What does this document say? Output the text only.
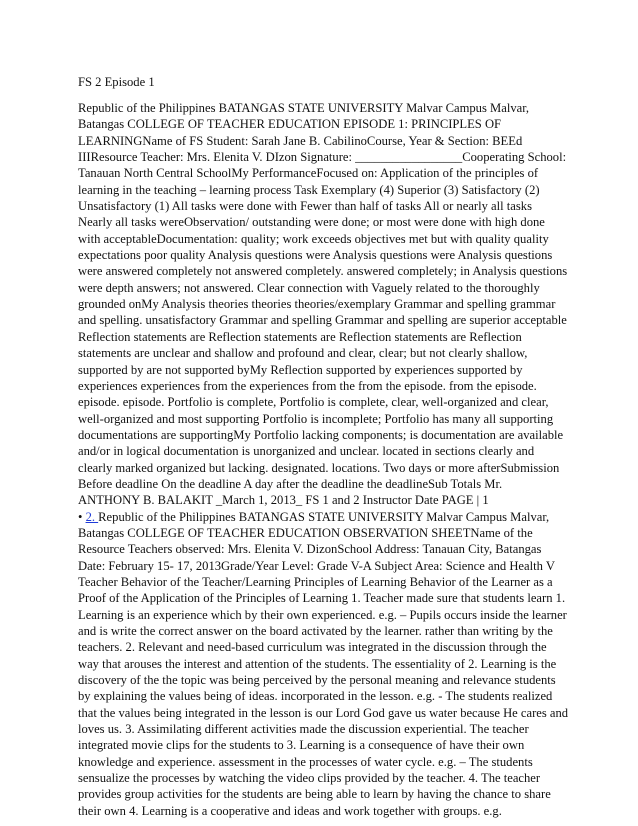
FS 2 Episode 1
Republic of the Philippines BATANGAS STATE UNIVERSITY Malvar Campus Malvar,
Batangas COLLEGE OF TEACHER EDUCATION EPISODE 1: PRINCIPLES OF
LEARNINGName of FS Student: Sarah Jane B. CabilinoCourse, Year & Section: BEEd
IIIResource Teacher: Mrs. Elenita V. DIzon Signature: _________________Cooperating School:
Tanauan North Central SchoolMy PerformanceFocused on: Application of the principles of
learning in the teaching – learning process Task Exemplary (4) Superior (3) Satisfactory (2)
Unsatisfactory (1) All tasks were done with Fewer than half of tasks All or nearly all tasks
Nearly all tasks wereObservation/ outstanding were done; or most were done with high done
with acceptableDocumentation: quality; work exceeds objectives met but with quality quality
expectations poor quality Analysis questions were Analysis questions were Analysis questions
were answered completely not answered completely. answered completely; in Analysis questions
were depth answers; not answered. Clear connection with Vaguely related to the thoroughly
grounded onMy Analysis theories theories theories/exemplary Grammar and spelling grammar
and spelling. unsatisfactory Grammar and spelling Grammar and spelling are superior acceptable
Reflection statements are Reflection statements are Reflection statements are Reflection
statements are unclear and shallow and profound and clear, clear; but not clearly shallow,
supported by are not supported byMy Reflection supported by experiences supported by
experiences experiences from the experiences from the from the episode. from the episode.
episode. episode. Portfolio is complete, Portfolio is complete, clear, well-organized and clear,
well-organized and most supporting Portfolio is incomplete; Portfolio has many all supporting
documentations are supportingMy Portfolio lacking components; is documentation are available
and/or in logical documentation is unorganized and unclear. located in sections clearly and
clearly marked organized but lacking. designated. locations. Two days or more afterSubmission
Before deadline On the deadline A day after the deadline the deadlineSub Totals Mr.
ANTHONY B. BALAKIT _March 1, 2013_ FS 1 and 2 Instructor Date PAGE | 1
• 2. Republic of the Philippines BATANGAS STATE UNIVERSITY Malvar Campus Malvar,
Batangas COLLEGE OF TEACHER EDUCATION OBSERVATION SHEETName of the
Resource Teachers observed: Mrs. Elenita V. DizonSchool Address: Tanauan City, Batangas
Date: February 15- 17, 2013Grade/Year Level: Grade V-A Subject Area: Science and Health V
Teacher Behavior of the Teacher/Learning Principles of Learning Behavior of the Learner as a
Proof of the Application of the Principles of Learning 1. Teacher made sure that students learn 1.
Learning is an experience which by their own experienced. e.g. – Pupils occurs inside the learner
and is write the correct answer on the board activated by the learner. rather than writing by the
teachers. 2. Relevant and need-based curriculum was integrated in the discussion through the
way that arouses the interest and attention of the students. The essentiality of 2. Learning is the
discovery of the the topic was being perceived by the personal meaning and relevance students
by explaining the values being of ideas. incorporated in the lesson. e.g. - The students realized
that the values being integrated in the lesson is our Lord God gave us water because He cares and
loves us. 3. Assimilating different activities made the discussion experiential. The teacher
integrated movie clips for the students to 3. Learning is a consequence of have their own
knowledge and experience. assessment in the processes of water cycle. e.g. – The students
sensualize the processes by watching the video clips provided by the teacher. 4. The teacher
provides group activities for the students are being able to learn by having the chance to share
their own 4. Learning is a cooperative and ideas and work together with groups. e.g.
